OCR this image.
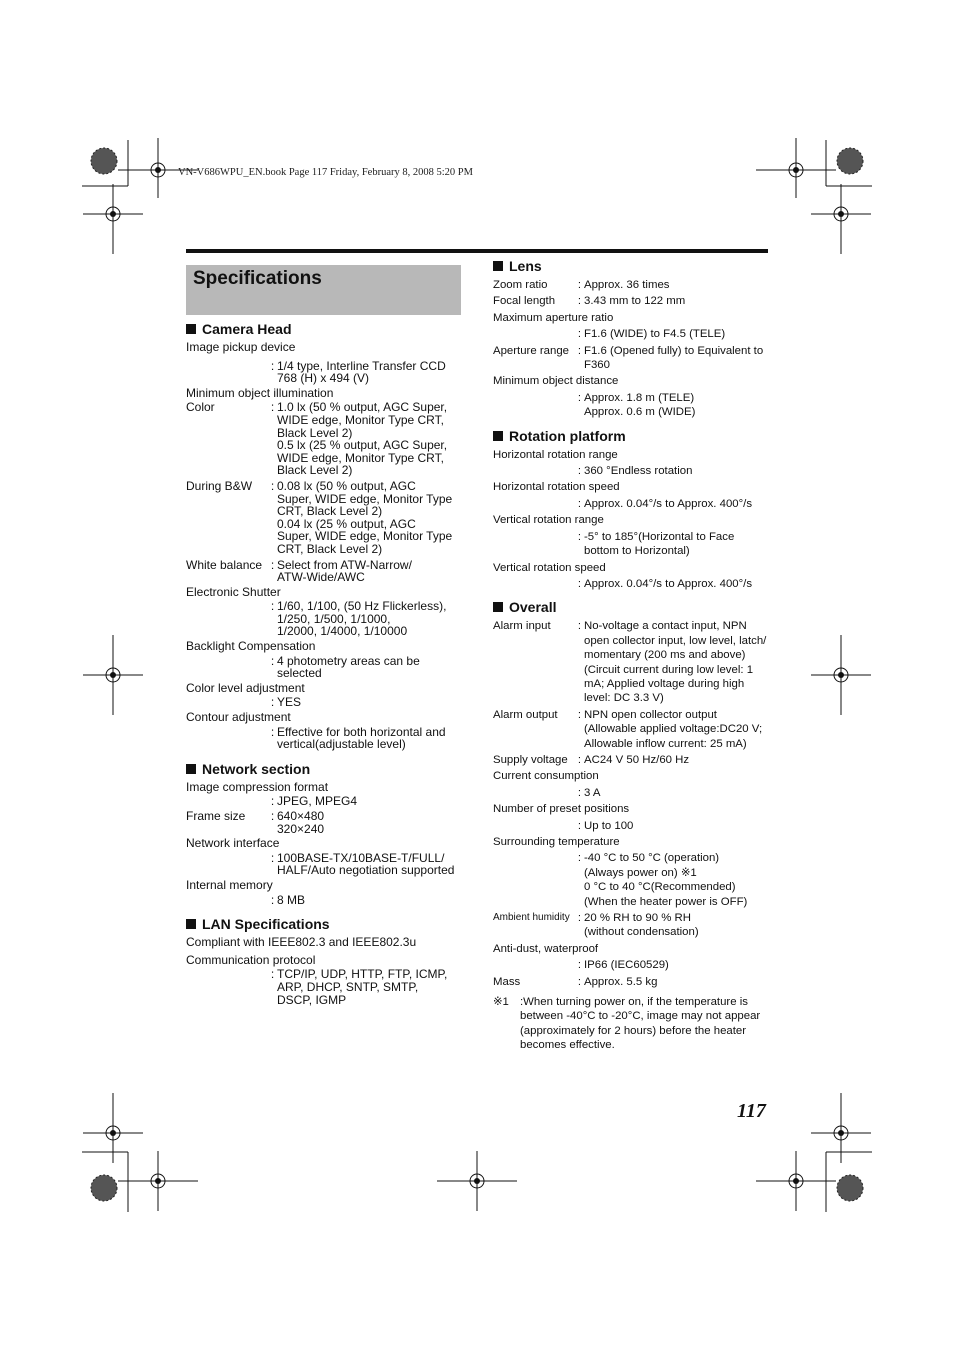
VN-V686WPU_EN.book Page 117 Friday, February 8, 2008 5:20 PM
Specifications
Camera Head
Image pickup device
: 1/4 type, Interline Transfer CCD
768 (H) x 494 (V)
Minimum object illumination
Color	: 1.0 lx (50 % output, AGC Super,
WIDE edge, Monitor Type CRT,
Black Level 2)
0.5 lx (25 % output, AGC Super,
WIDE edge, Monitor Type CRT,
Black Level 2)
During B&W	: 0.08 lx (50 % output, AGC
Super, WIDE edge, Monitor Type
CRT, Black Level 2)
0.04 lx (25 % output, AGC
Super, WIDE edge, Monitor Type
CRT, Black Level 2)
White balance : Select from ATW-Narrow/
ATW-Wide/AWC
Electronic Shutter
: 1/60, 1/100, (50 Hz Flickerless),
1/250, 1/500, 1/1000,
1/2000, 1/4000, 1/10000
Backlight Compensation
: 4 photometry areas can be
selected
Color level adjustment
: YES
Contour adjustment
: Effective for both horizontal and
vertical(adjustable level)
Network section
Image compression format
: JPEG, MPEG4
Frame size	: 640×480
320×240
Network interface
: 100BASE-TX/10BASE-T/FULL/
HALF/Auto negotiation supported
Internal memory
: 8 MB
LAN Specifications
Compliant with IEEE802.3 and IEEE802.3u
Communication protocol
: TCP/IP, UDP, HTTP, FTP, ICMP,
ARP, DHCP, SNTP, SMTP,
DSCP, IGMP
Lens
Zoom ratio	: Approx. 36 times
Focal length	: 3.43 mm to 122 mm
Maximum aperture ratio
: F1.6 (WIDE) to F4.5 (TELE)
Aperture range : F1.6 (Opened fully) to Equivalent to
F360
Minimum object distance
: Approx. 1.8 m (TELE)
Approx. 0.6 m (WIDE)
Rotation platform
Horizontal rotation range
: 360 °Endless rotation
Horizontal rotation speed
: Approx. 0.04°/s to Approx. 400°/s
Vertical rotation range
: -5° to 185°(Horizontal to Face
bottom to Horizontal)
Vertical rotation speed
: Approx. 0.04°/s to Approx. 400°/s
Overall
Alarm input	: No-voltage a contact input, NPN
open collector input, low level, latch/
momentary (200 ms and above)
(Circuit current during low level: 1
mA; Applied voltage during high
level: DC 3.3 V)
Alarm output	: NPN open collector output
(Allowable applied voltage:DC20 V;
Allowable inflow current: 25 mA)
Supply voltage : AC24 V 50 Hz/60 Hz
Current consumption
: 3 A
Number of preset positions
: Up to 100
Surrounding temperature
: -40 °C to 50 °C (operation)
(Always power on) ※1
0 °C to 40 °C(Recommended)
(When the heater power is OFF)
Ambient humidity : 20 % RH to 90 % RH
(without condensation)
Anti-dust, waterproof
: IP66 (IEC60529)
Mass	: Approx. 5.5 kg
※1 :When turning power on, if the temperature is
between -40°C to -20°C, image may not appear
(approximately for 2 hours) before the heater
becomes effective.
117
